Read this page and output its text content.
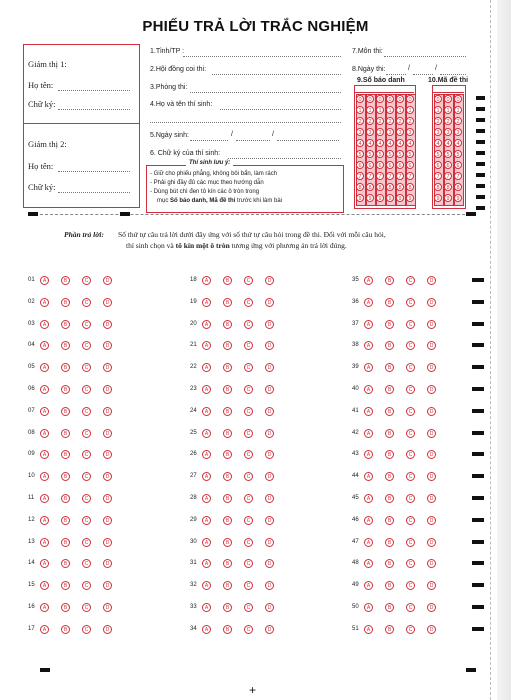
PHIẾU TRẢ LỜI TRẮC NGHIỆM
Giám thị 1:
Họ tên:
Chữ ký:
Giám thị 2:
Họ tên:
Chữ ký:
1.Tỉnh/TP :
2.Hội đồng coi thi:
3.Phòng thi:
4.Họ và tên thí sinh:
5.Ngày sinh:	/	/
6. Chữ ký của thí sinh:
Thí sinh lưu ý:
- Giữ cho phiếu phẳng, không bôi bẩn, làm rách
- Phải ghi đầy đủ các mục theo hướng dẫn
- Dùng bút chì đen tô kín các ô tròn trong
mục Số báo danh, Mã đề thi trước khi làm bài
7.Môn thi:
8.Ngày thi:	/	/
9.Số báo danh	10.Mã đề thi
0
1
2
3
4
5
6
7
8
9
0
1
2
3
4
5
6
7
8
9
0
1
2
3
4
5
6
7
8
9
0
1
2
3
4
5
6
7
8
9
0
1
2
3
4
5
6
7
8
9
0
1
2
3
4
5
6
7
8
9
0
1
2
3
4
5
6
7
8
9
0
1
2
3
4
5
6
7
8
9
0
1
2
3
4
5
6
7
8
9
Phần trả lời: Số thứ tự câu trả lời dưới đây ứng với số thứ tự câu hỏi trong đề thi. Đối với mỗi câu hỏi,
thí sinh chọn và tô kín một ô tròn tương ứng với phương án trả lời đúng.
01	A	B	C	D
02	A	B	C	D
03	A	B	C	D
04	A	B	C	D
05	A	B	C	D
06	A	B	C	D
07	A	B	C	D
08	A	B	C	D
09	A	B	C	D
10	A	B	C	D
11	A	B	C	D
12	A	B	C	D
13	A	B	C	D
14	A	B	C	D
15	A	B	C	D
16	A	B	C	D
17	A	B	C	D
18	A	B	C	D
19	A	B	C	D
20	A	B	C	D
21	A	B	C	D
22	A	B	C	D
23	A	B	C	D
24	A	B	C	D
25	A	B	C	D
26	A	B	C	D
27	A	B	C	D
28	A	B	C	D
29	A	B	C	D
30	A	B	C	D
31	A	B	C	D
32	A	B	C	D
33	A	B	C	D
34	A	B	C	D
35	A	B	C	D
36	A	B	C	D
37	A	B	C	D
38	A	B	C	D
39	A	B	C	D
40	A	B	C	D
41	A	B	C	D
42	A	B	C	D
43	A	B	C	D
44	A	B	C	D
45	A	B	C	D
46	A	B	C	D
47	A	B	C	D
48	A	B	C	D
49	A	B	C	D
50	A	B	C	D
51	A	B	C	D
+
